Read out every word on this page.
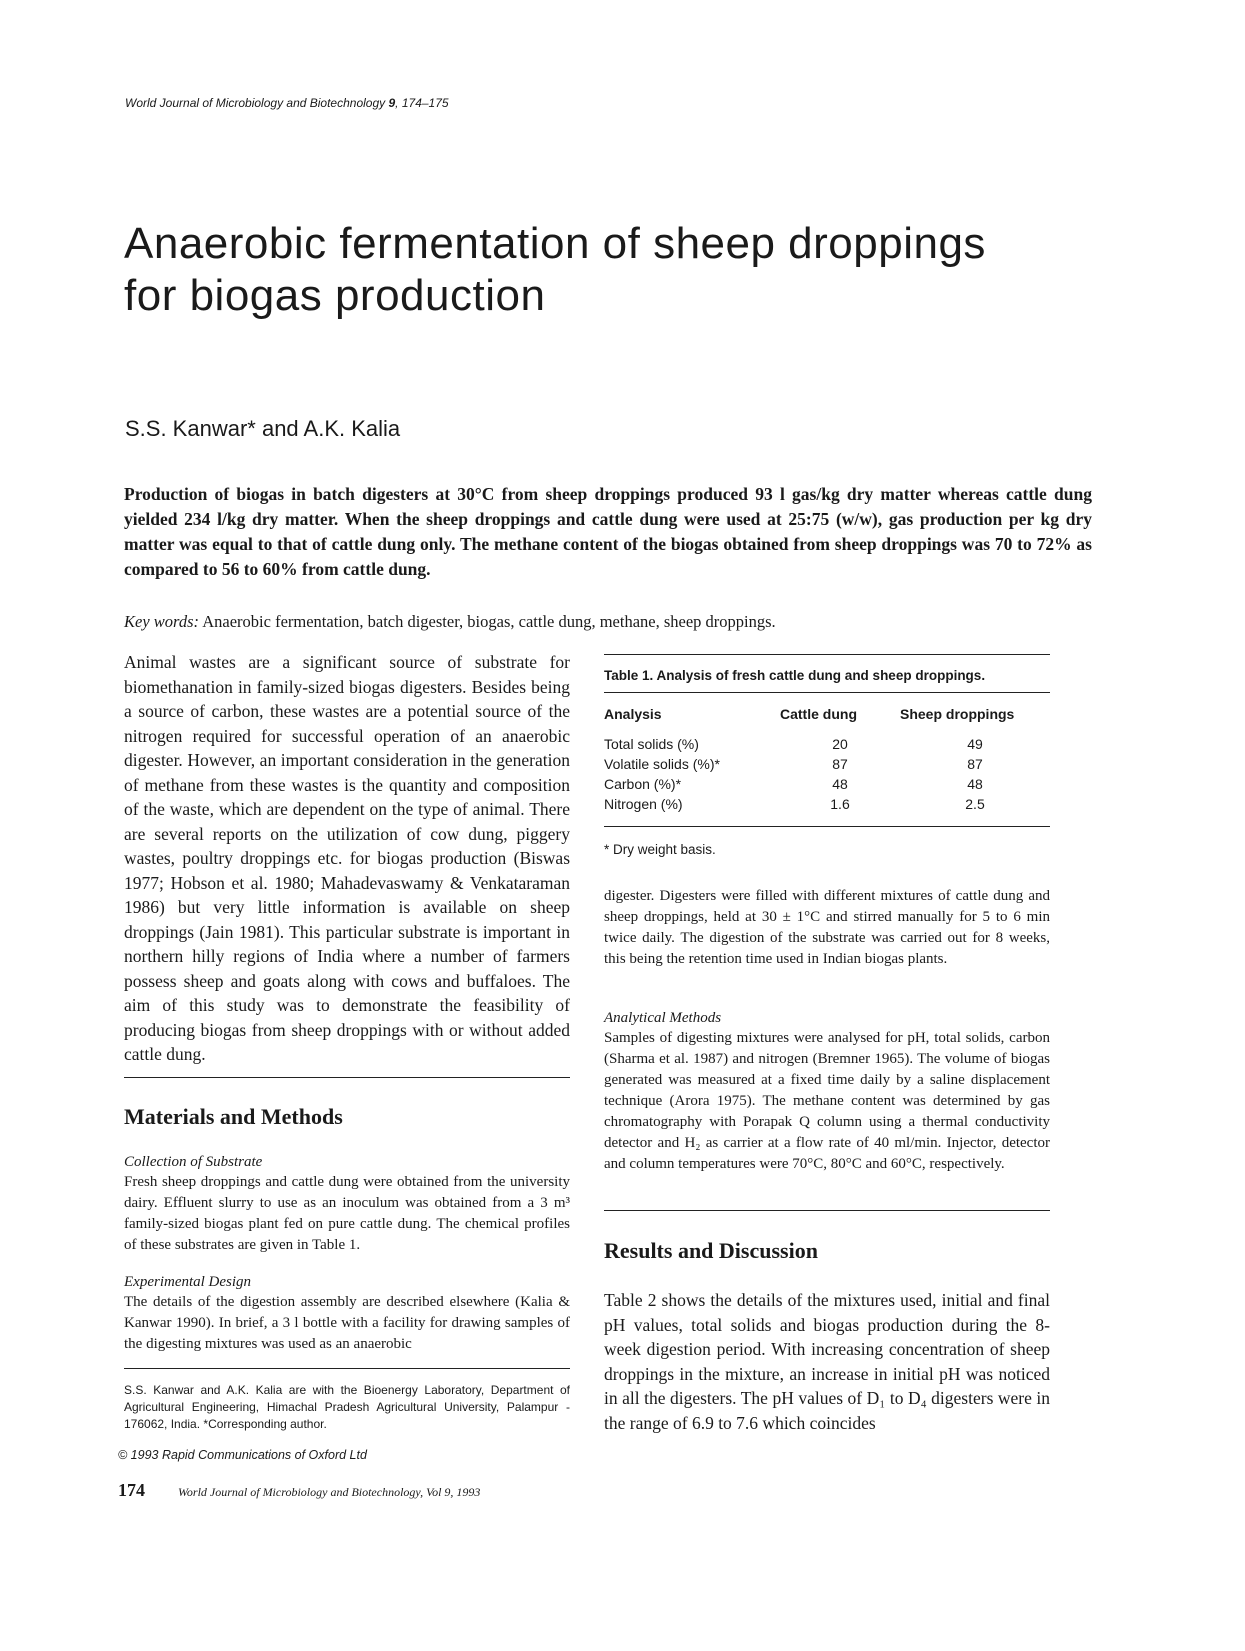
World Journal of Microbiology and Biotechnology 9, 174–175
Anaerobic fermentation of sheep droppings
for biogas production
S.S. Kanwar* and A.K. Kalia

Production of biogas in batch digesters at 30°C from sheep droppings produced 93 l gas/kg dry matter whereas cattle dung yielded 234 l/kg dry matter. When the sheep droppings and cattle dung were used at 25:75 (w/w), gas production per kg dry matter was equal to that of cattle dung only. The methane content of the biogas obtained from sheep droppings was 70 to 72% as compared to 56 to 60% from cattle dung.

Key words: Anaerobic fermentation, batch digester, biogas, cattle dung, methane, sheep droppings.

Animal wastes are a significant source of substrate for biomethanation in family-sized biogas digesters. Besides being a source of carbon, these wastes are a potential source of the nitrogen required for successful operation of an anaerobic digester. However, an important consideration in the generation of methane from these wastes is the quantity and composition of the waste, which are dependent on the type of animal. There are several reports on the utilization of cow dung, piggery wastes, poultry droppings etc. for biogas production (Biswas 1977; Hobson et al. 1980; Mahadevaswamy & Venkataraman 1986) but very little information is available on sheep droppings (Jain 1981). This particular substrate is important in northern hilly regions of India where a number of farmers possess sheep and goats along with cows and buffaloes. The aim of this study was to demonstrate the feasibility of producing biogas from sheep droppings with or without added cattle dung.

Materials and Methods

Collection of Substrate

Fresh sheep droppings and cattle dung were obtained from the university dairy. Effluent slurry to use as an inoculum was obtained from a 3 m³ family-sized biogas plant fed on pure cattle dung. The chemical profiles of these substrates are given in Table 1.

Experimental Design

The details of the digestion assembly are described elsewhere (Kalia & Kanwar 1990). In brief, a 3 l bottle with a facility for drawing samples of the digesting mixtures was used as an anaerobic

S.S. Kanwar and A.K. Kalia are with the Bioenergy Laboratory, Department of Agricultural Engineering, Himachal Pradesh Agricultural University, Palampur - 176062, India. *Corresponding author.
© 1993 Rapid Communications of Oxford Ltd
174	World Journal of Microbiology and Biotechnology, Vol 9, 1993
Table 1. Analysis of fresh cattle dung and sheep droppings.
Analysis	Cattle dung	Sheep droppings
Total solids (%)	20	49
Volatile solids (%)*	87	87
Carbon (%)*	48	48
Nitrogen (%)	1.6	2.5
* Dry weight basis.

digester. Digesters were filled with different mixtures of cattle dung and sheep droppings, held at 30 ± 1°C and stirred manually for 5 to 6 min twice daily. The digestion of the substrate was carried out for 8 weeks, this being the retention time used in Indian biogas plants.

Analytical Methods

Samples of digesting mixtures were analysed for pH, total solids, carbon (Sharma et al. 1987) and nitrogen (Bremner 1965). The volume of biogas generated was measured at a fixed time daily by a saline displacement technique (Arora 1975). The methane content was determined by gas chromatography with Porapak Q column using a thermal conductivity detector and H₂ as carrier at a flow rate of 40 ml/min. Injector, detector and column temperatures were 70°C, 80°C and 60°C, respectively.

Results and Discussion

Table 2 shows the details of the mixtures used, initial and final pH values, total solids and biogas production during the 8-week digestion period. With increasing concentration of sheep droppings in the mixture, an increase in initial pH was noticed in all the digesters. The pH values of D₁ to D₄ digesters were in the range of 6.9 to 7.6 which coincides
